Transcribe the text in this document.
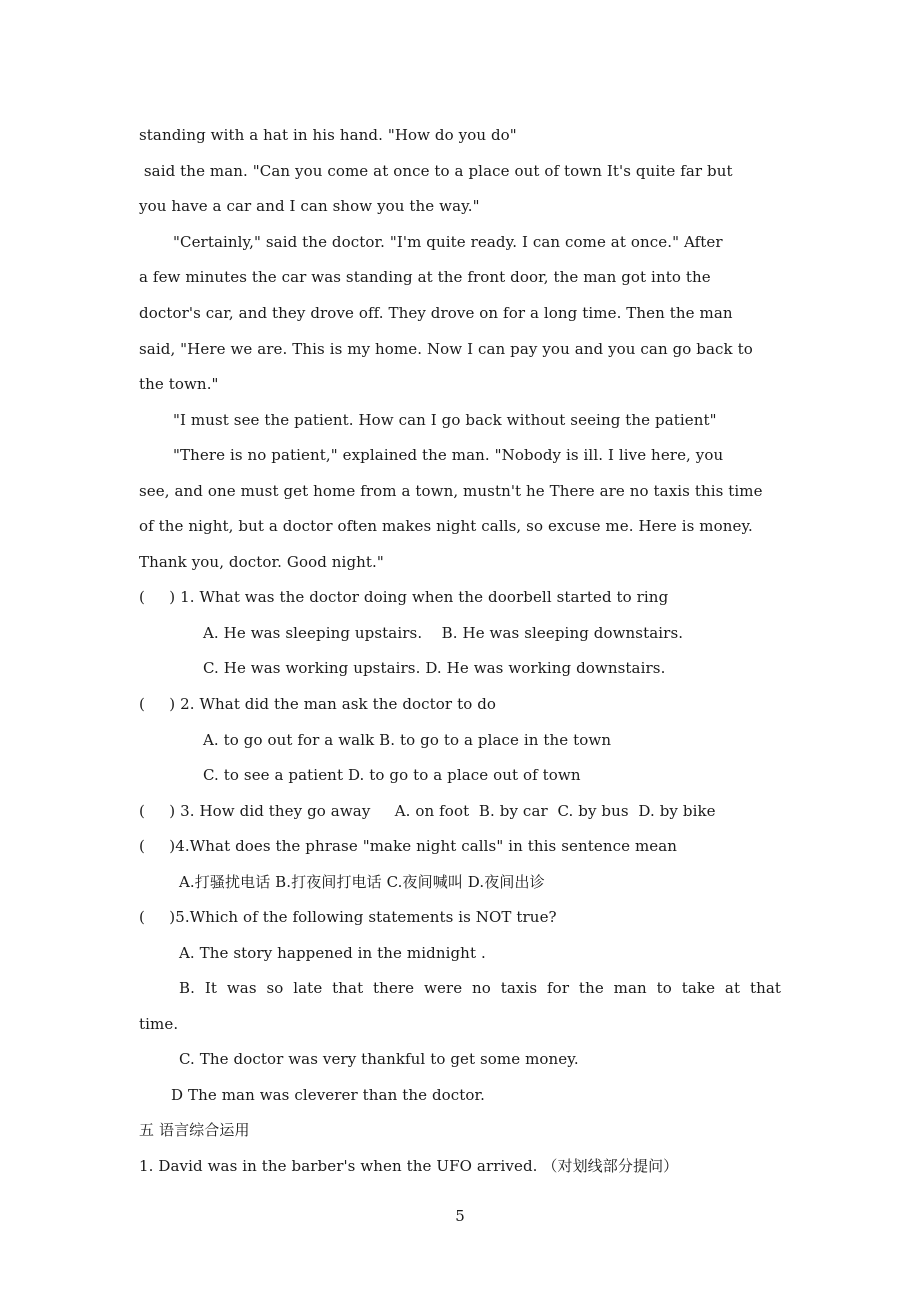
standing with a hat in his hand. "How do you do"
said the man. "Can you come at once to a place out of town It's quite far but
you have a car and I can show you the way."
"Certainly," said the doctor. "I'm quite ready. I can come at once." After
a few minutes the car was standing at the front door, the man got into the
doctor's car, and they drove off. They drove on for a long time. Then the man
said, "Here we are. This is my home. Now I can pay you and you can go back to
the town."
"I must see the patient. How can I go back without seeing the patient"
"There is no patient," explained the man. "Nobody is ill. I live here, you
see, and one must get home from a town, mustn't he There are no taxis this time
of the night, but a doctor often makes night calls, so excuse me. Here is money.
Thank you, doctor. Good night."
(     ) 1. What was the doctor doing when the doorbell started to ring
A. He was sleeping upstairs.    B. He was sleeping downstairs.
C. He was working upstairs. D. He was working downstairs.
(     ) 2. What did the man ask the doctor to do
A. to go out for a walk B. to go to a place in the town
C. to see a patient D. to go to a place out of town
(     ) 3. How did they go away     A. on foot  B. by car  C. by bus  D. by bike
(     )4.What does the phrase "make night calls" in this sentence mean
A.打骚扰电话 B.打夜间打电话 C.夜间喊叫 D.夜间出诊
(     )5.Which of the following statements is NOT true?
A. The story happened in the midnight .
B. It was so late that there were no taxis for the man to take at that
time.
C. The doctor was very thankful to get some money.
D The man was cleverer than the doctor.
五 语言综合运用
1. David was in the barber's when the UFO arrived. （对划线部分提问）
5
